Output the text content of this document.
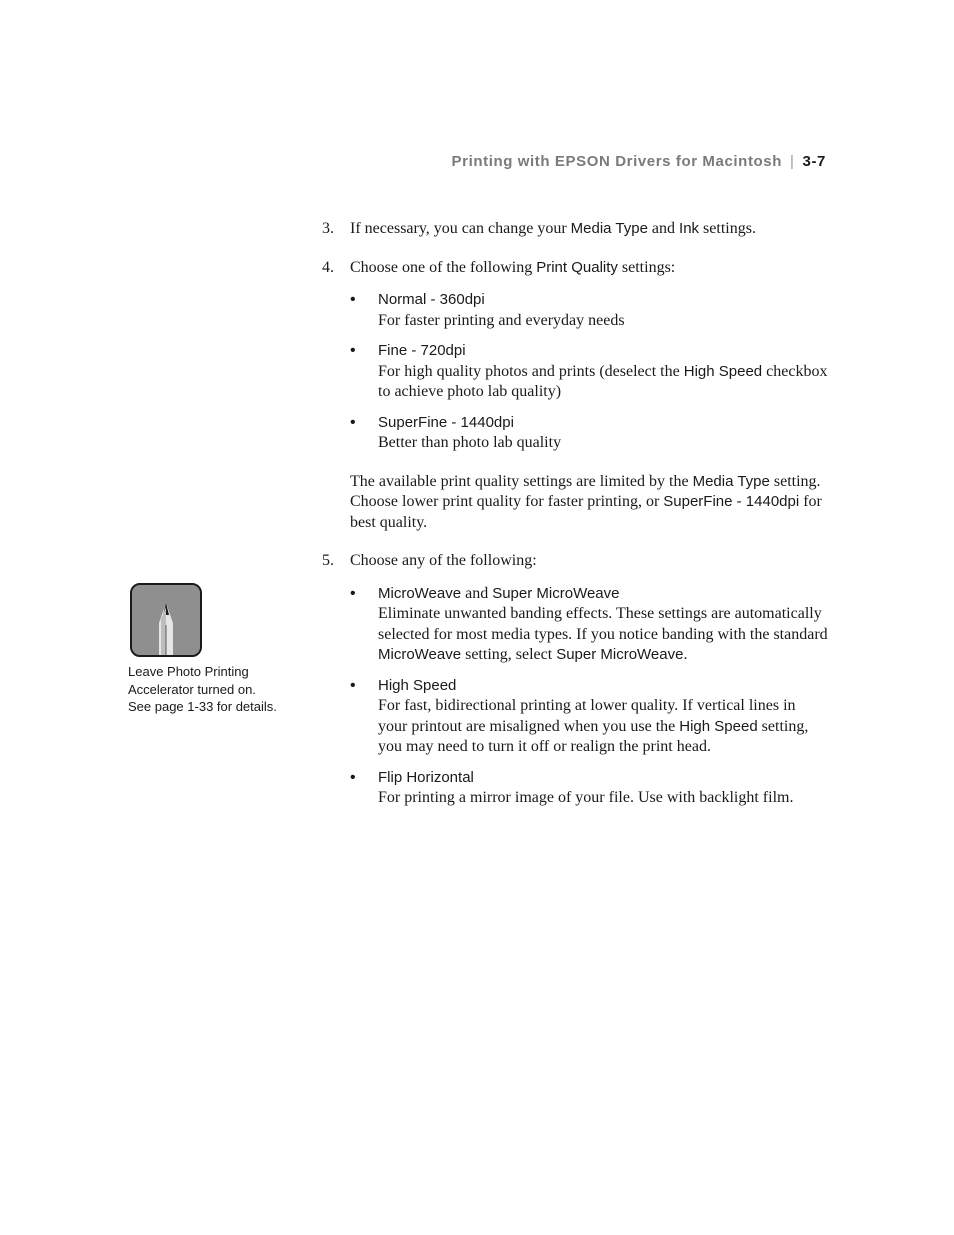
Printing with EPSON Drivers for Macintosh | 3-7
3. If necessary, you can change your Media Type and Ink settings.
4. Choose one of the following Print Quality settings:
• Normal - 360dpi
For faster printing and everyday needs
• Fine - 720dpi
For high quality photos and prints (deselect the High Speed checkbox to achieve photo lab quality)
• SuperFine - 1440dpi
Better than photo lab quality

The available print quality settings are limited by the Media Type setting. Choose lower print quality for faster printing, or SuperFine - 1440dpi for best quality.

5. Choose any of the following:
• MicroWeave and Super MicroWeave
Eliminate unwanted banding effects. These settings are automatically selected for most media types. If you notice banding with the standard MicroWeave setting, select Super MicroWeave.
• High Speed
For fast, bidirectional printing at lower quality. If vertical lines in your printout are misaligned when you use the High Speed setting, you may need to turn it off or realign the print head.
• Flip Horizontal
For printing a mirror image of your file. Use with backlight film.
Leave Photo Printing
Accelerator turned on.
See page 1-33 for details.
